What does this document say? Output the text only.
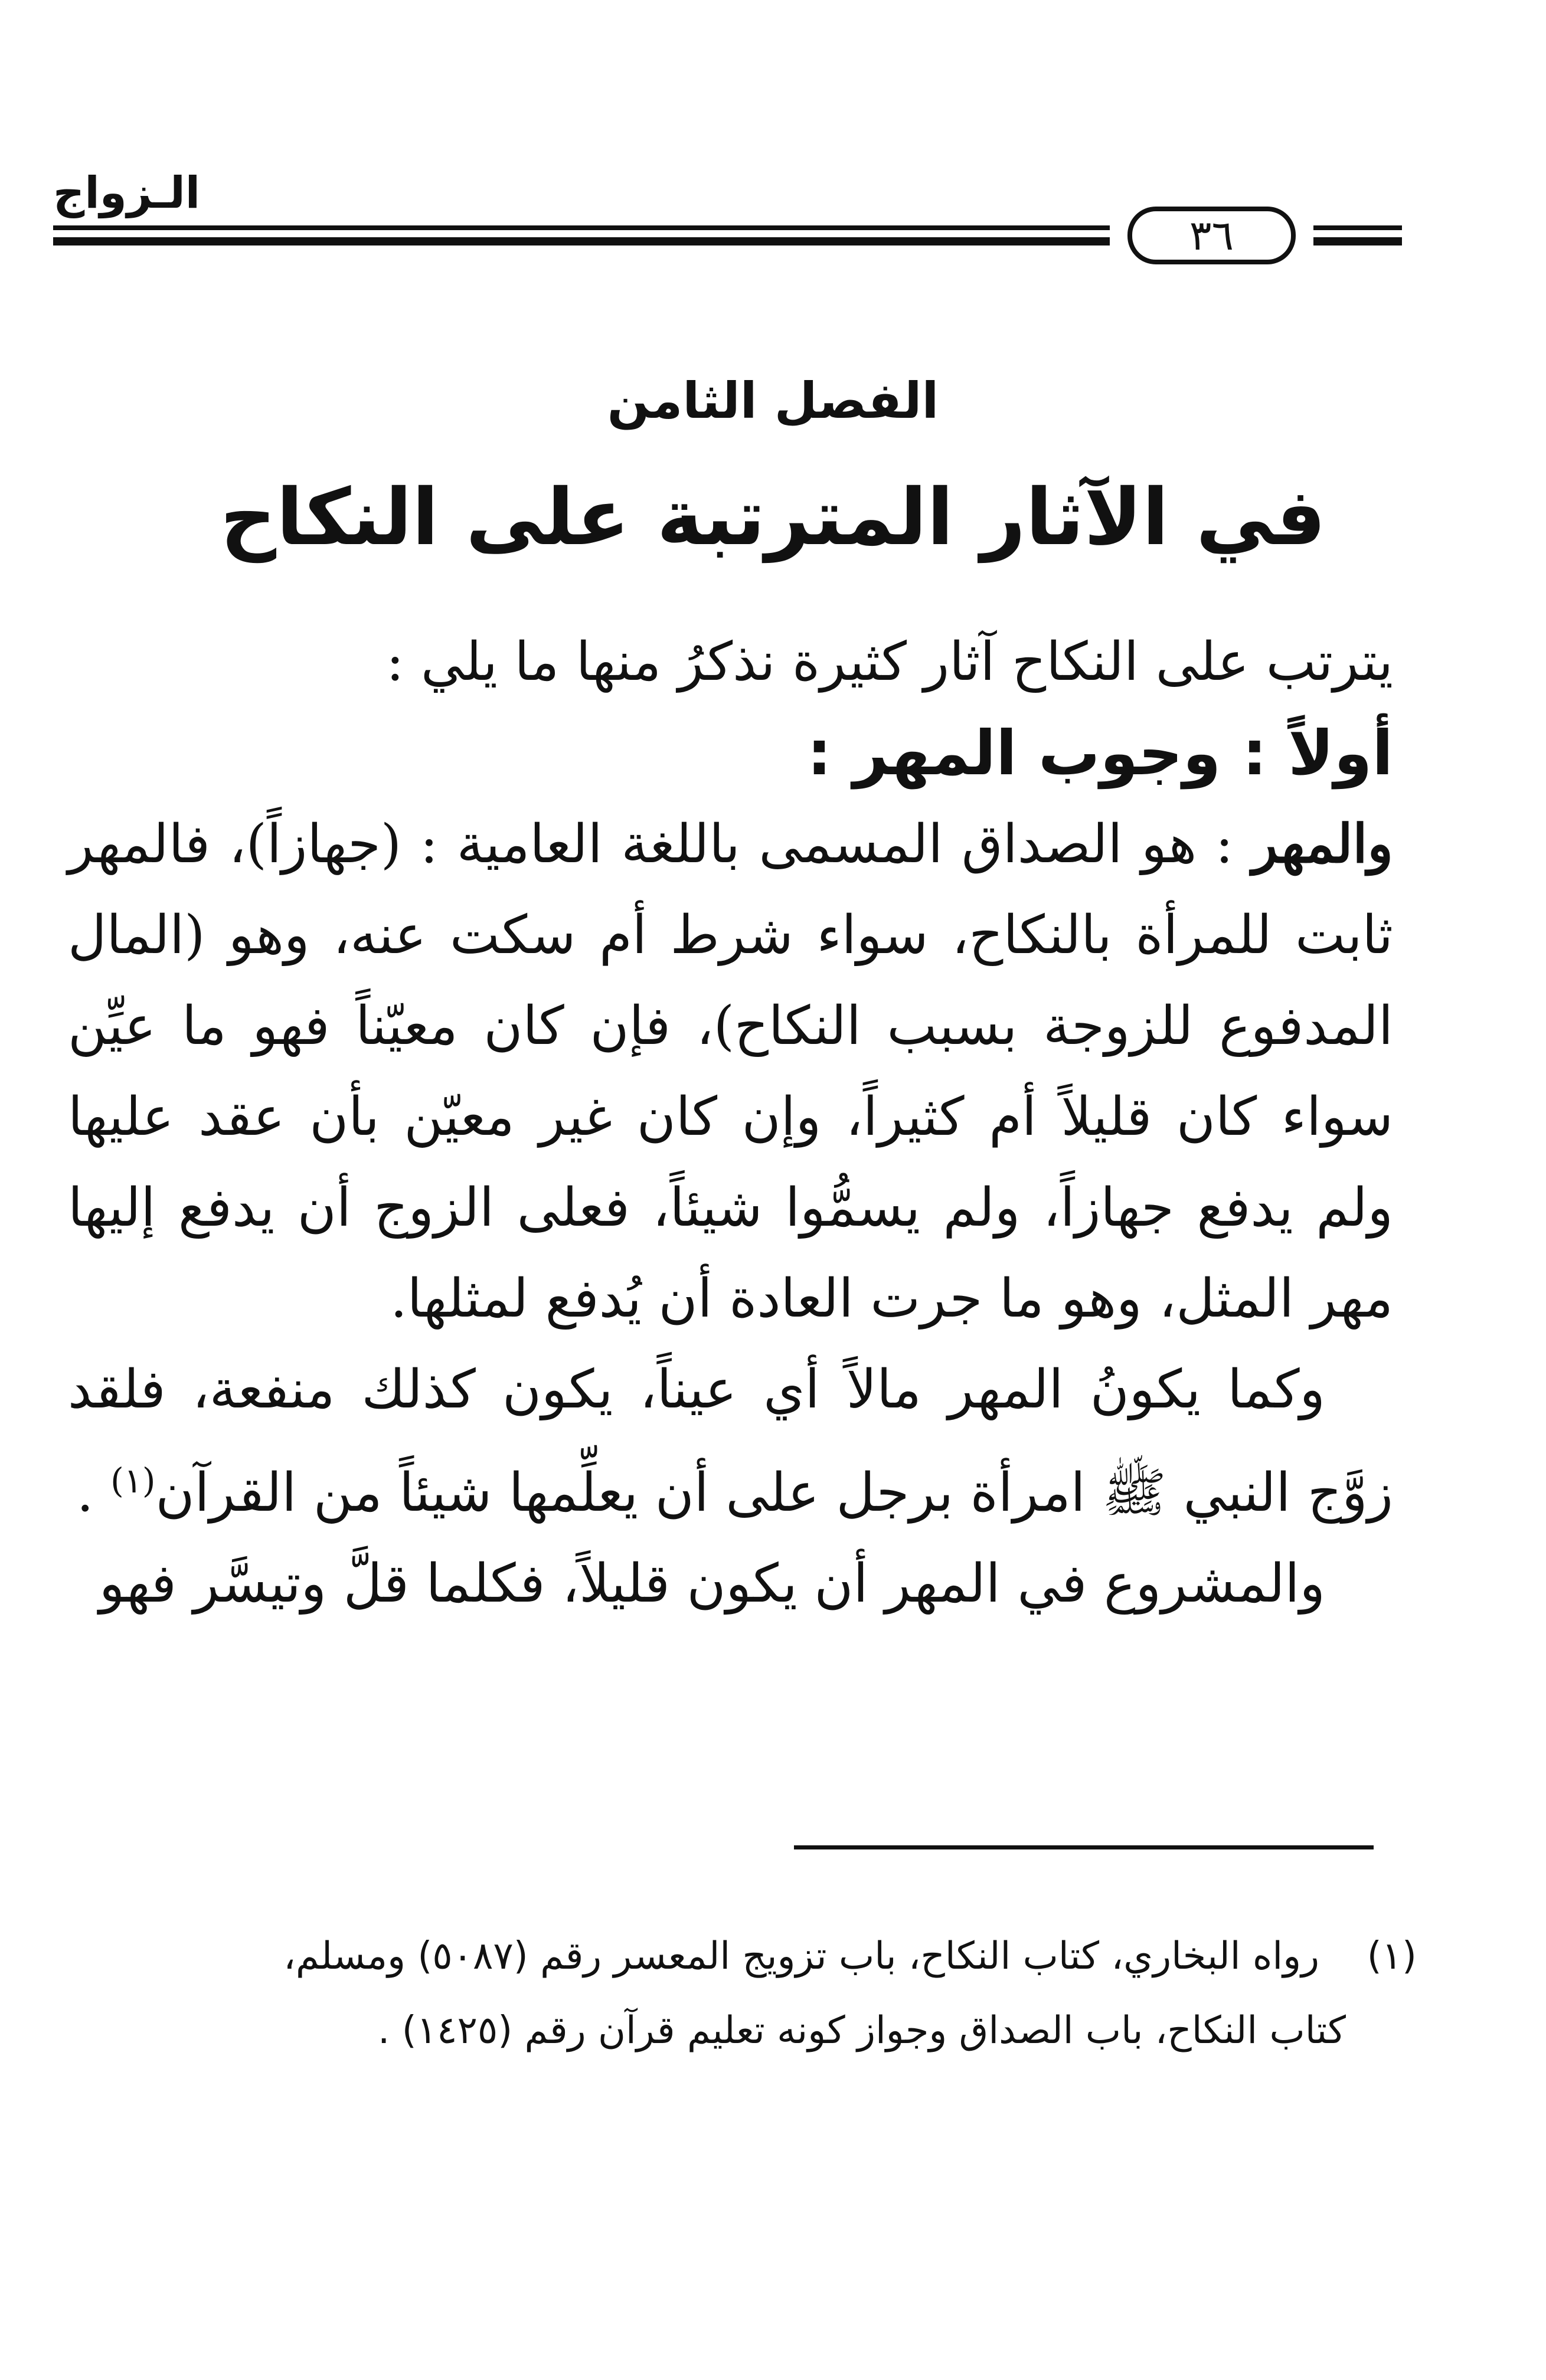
الـزواج
٣٦
الفصل الثامن
في الآثار المترتبة على النكاح

يترتب على النكاح آثار كثيرة نذكرُ منها ما يلي :

أولاً : وجوب المهر :

والمهر : هو الصداق المسمى باللغة العامية : (جهازاً)، فالمهر ثابت للمرأة بالنكاح، سواء شرط أم سكت عنه، وهو (المال المدفوع للزوجة بسبب النكاح)، فإن كان معيّناً فهو ما عيِّن سواء كان قليلاً أم كثيراً، وإن كان غير معيّن بأن عقد عليها ولم يدفع جهازاً، ولم يسمُّوا شيئاً، فعلى الزوج أن يدفع إليها مهر المثل، وهو ما جرت العادة أن يُدفع لمثلها.

وكما يكونُ المهر مالاً أي عيناً، يكون كذلك منفعة، فلقد زوَّج النبي ﷺ امرأة برجل على أن يعلِّمها شيئاً من القرآن$^{(١)}$ .

والمشروع في المهر أن يكون قليلاً، فكلما قلَّ وتيسَّر فهو

(١)رواه البخاري، كتاب النكاح، باب تزويج المعسر رقم (٥٠٨٧) ومسلم،

كتاب النكاح، باب الصداق وجواز كونه تعليم قرآن رقم (١٤٢٥) .
